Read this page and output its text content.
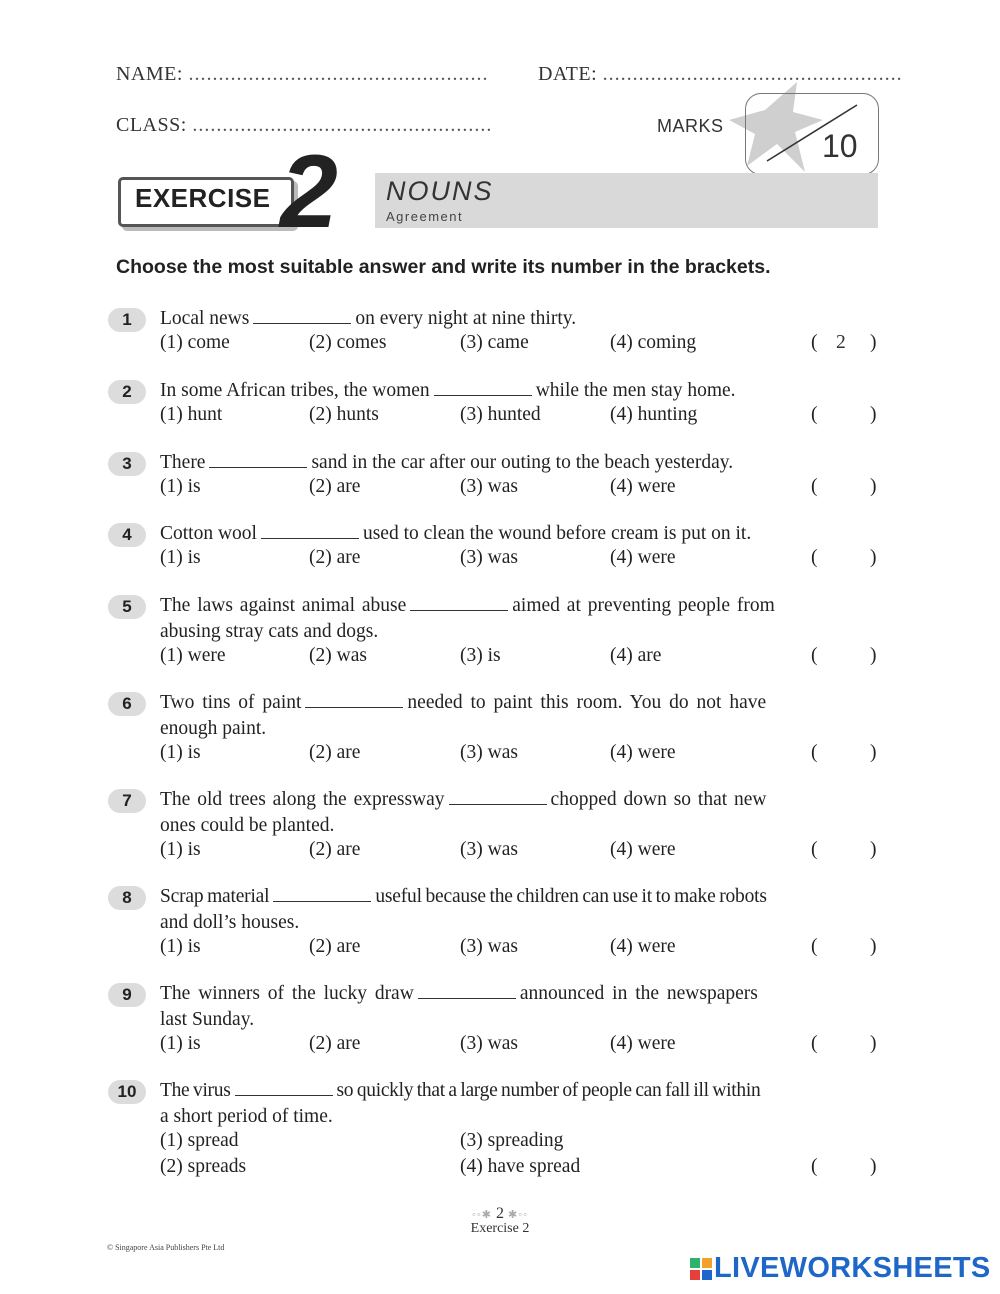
NAME: .................................................. DATE: ..................................................
CLASS: ..................................................	MARKS
10
EXERCISE 2 NOUNS
Agreement
Choose the most suitable answer and write its number in the brackets.
1	Local news	on every night at nine thirty.
(1) come	(2) comes	(3) came	(4) coming	( 2 )
2	In some African tribes, the women	while the men stay home.
(1) hunt	(2) hunts	(3) hunted	(4) hunting	(	)
3	There	sand in the car after our outing to the beach yesterday.
(1) is	(2) are	(3) was	(4) were	(	)
4	Cotton wool	used to clean the wound before cream is put on it.
(1) is	(2) are	(3) was	(4) were	(	)
5	The laws against animal abuse	aimed at preventing people from
abusing stray cats and dogs.
(1) were	(2) was	(3) is	(4) are	(	)
6	Two tins of paint	needed to paint this room. You do not have
enough paint.
(1) is	(2) are	(3) was	(4) were	(	)
7	The old trees along the expressway	chopped down so that new
ones could be planted.
(1) is	(2) are	(3) was	(4) were	(	)
8	Scrap material	useful because the children can use it to make robots
and doll’s houses.
(1) is	(2) are	(3) was	(4) were	(	)
9	The winners of the lucky draw	announced in the newspapers
last Sunday.
(1) is	(2) are	(3) was	(4) were	(	)
10	The virus	so quickly that a large number of people can fall ill within
a short period of time.
(1) spread	(3) spreading
(2) spreads	(4) have spread	(	)
◦◦✱ 2 ✱◦◦
Exercise 2
© Singapore Asia Publishers Pte Ltd
LIVEWORKSHEETS
